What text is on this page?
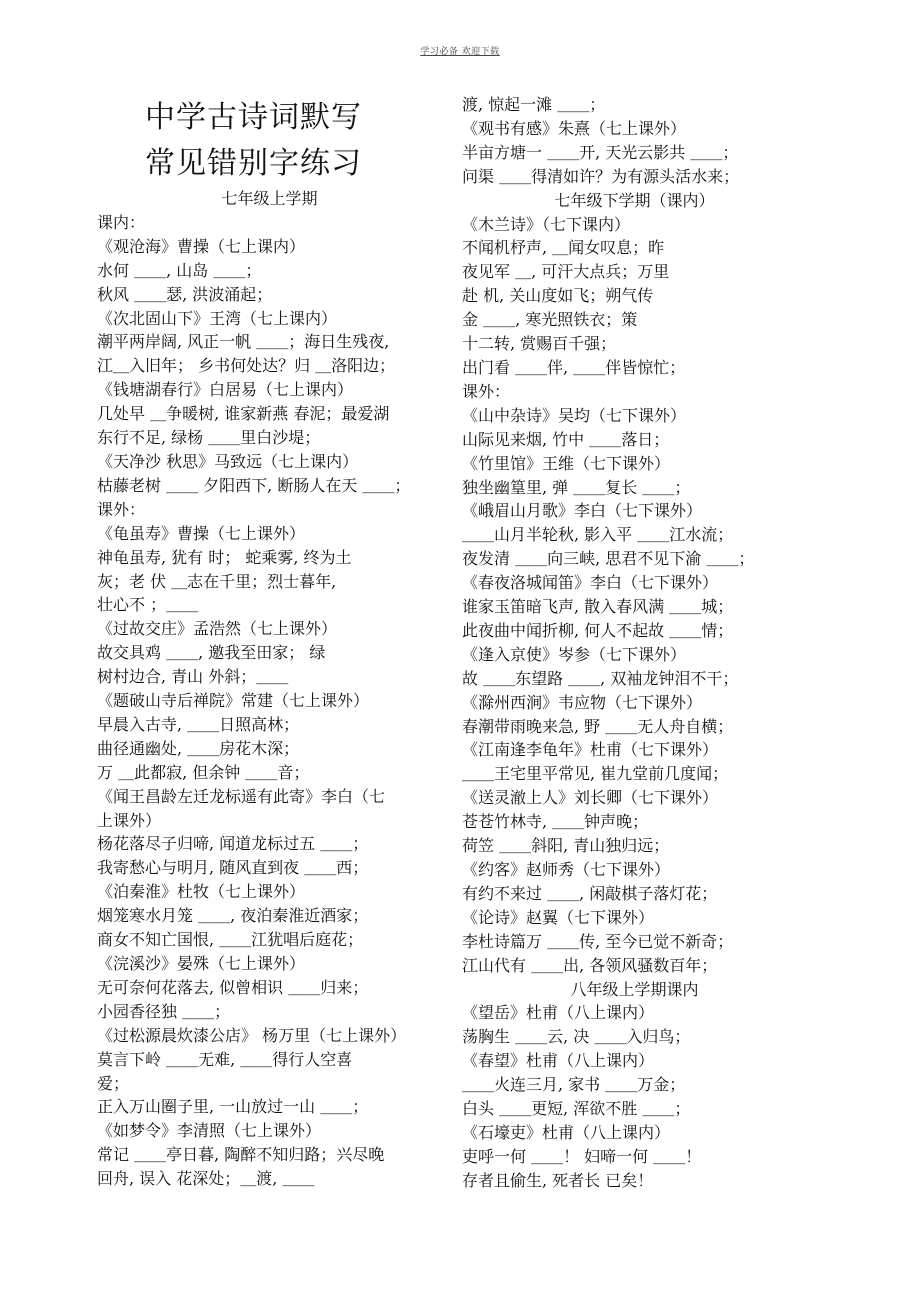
学习必备 欢迎下载
中学古诗词默写
常见错别字练习
七年级上学期
课内：
《观沧海》曹操（七上课内）
水何 ＿＿, 山岛 ＿＿；
秋风 ＿＿瑟, 洪波涌起；
《次北固山下》王湾（七上课内）
潮平两岸阔, 风正一帆 ＿＿；海日生残夜,
江＿入旧年； 乡书何处达？归 ＿洛阳边；
《钱塘湖春行》白居易（七上课内）
几处早 ＿争暖树, 谁家新燕 春泥；最爱湖
东行不足, 绿杨 ＿＿里白沙堤；
《天净沙 秋思》马致远（七上课内）
枯藤老树 ＿＿ 夕阳西下, 断肠人在天 ＿＿；
课外：
《龟虽寿》曹操（七上课外）
神龟虽寿, 犹有 时； 蛇乘雾, 终为土
灰；老 伏 ＿志在千里；烈士暮年,
壮心不 ；＿＿
《过故交庄》孟浩然（七上课外）
故交具鸡 ＿＿, 邀我至田家； 绿
树村边合, 青山 外斜；＿＿
《题破山寺后禅院》常建（七上课外）
早晨入古寺, ＿＿日照高林；
曲径通幽处, ＿＿房花木深；
万 ＿此都寂, 但余钟 ＿＿音；
《闻王昌龄左迁龙标遥有此寄》李白（七
上课外）
杨花落尽子归啼, 闻道龙标过五 ＿＿；
我寄愁心与明月, 随风直到夜 ＿＿西；
《泊秦淮》杜牧（七上课外）
烟笼寒水月笼 ＿＿, 夜泊秦淮近酒家；
商女不知亡国恨, ＿＿江犹唱后庭花；
《浣溪沙》晏殊（七上课外）
无可奈何花落去, 似曾相识 ＿＿归来；
小园香径独 ＿＿；
《过松源晨炊漆公店》 杨万里（七上课外）
莫言下岭 ＿＿无难, ＿＿得行人空喜
爱；
正入万山圈子里, 一山放过一山 ＿＿；
《如梦令》李清照（七上课外）
常记 ＿＿亭日暮, 陶醉不知归路；兴尽晚
回舟, 误入 花深处；＿渡, ＿＿
渡, 惊起一滩 ＿＿；
《观书有感》朱熹（七上课外）
半亩方塘一 ＿＿开, 天光云影共 ＿＿；
问渠 ＿＿得清如许？为有源头活水来；
七年级下学期（课内）
《木兰诗》（七下课内）
不闻机杼声, ＿闻女叹息；昨
夜见军 ＿, 可汗大点兵；万里
赴 机, 关山度如飞；朔气传
金 ＿＿, 寒光照铁衣；策
十二转, 赏赐百千强；
出门看 ＿＿伴, ＿＿伴皆惊忙；
课外：
《山中杂诗》吴均（七下课外）
山际见来烟, 竹中 ＿＿落日；
《竹里馆》王维（七下课外）
独坐幽篁里, 弹 ＿＿复长 ＿＿；
《峨眉山月歌》李白（七下课外）
＿＿山月半轮秋, 影入平 ＿＿江水流；
夜发清 ＿＿向三峡, 思君不见下渝 ＿＿；
《春夜洛城闻笛》李白（七下课外）
谁家玉笛暗飞声, 散入春风满 ＿＿城；
此夜曲中闻折柳, 何人不起故 ＿＿情；
《逢入京使》岑参（七下课外）
故 ＿＿东望路 ＿＿, 双袖龙钟泪不干；
《滁州西涧》韦应物（七下课外）
春潮带雨晚来急, 野 ＿＿无人舟自横；
《江南逢李龟年》杜甫（七下课外）
＿＿王宅里平常见, 崔九堂前几度闻；
《送灵澈上人》刘长卿（七下课外）
苍苍竹林寺, ＿＿钟声晚；
荷笠 ＿＿斜阳, 青山独归远；
《约客》赵师秀（七下课外）
有约不来过 ＿＿, 闲敲棋子落灯花；
《论诗》赵翼（七下课外）
李杜诗篇万 ＿＿传, 至今已觉不新奇；
江山代有 ＿＿出, 各领风骚数百年；
八年级上学期课内
《望岳》杜甫（八上课内）
荡胸生 ＿＿云, 决 ＿＿入归鸟；
《春望》杜甫（八上课内）
＿＿火连三月, 家书 ＿＿万金；
白头 ＿＿更短, 浑欲不胜 ＿＿；
《石壕吏》杜甫（八上课内）
吏呼一何 ＿＿！ 妇啼一何 ＿＿！
存者且偷生, 死者长 已矣！
